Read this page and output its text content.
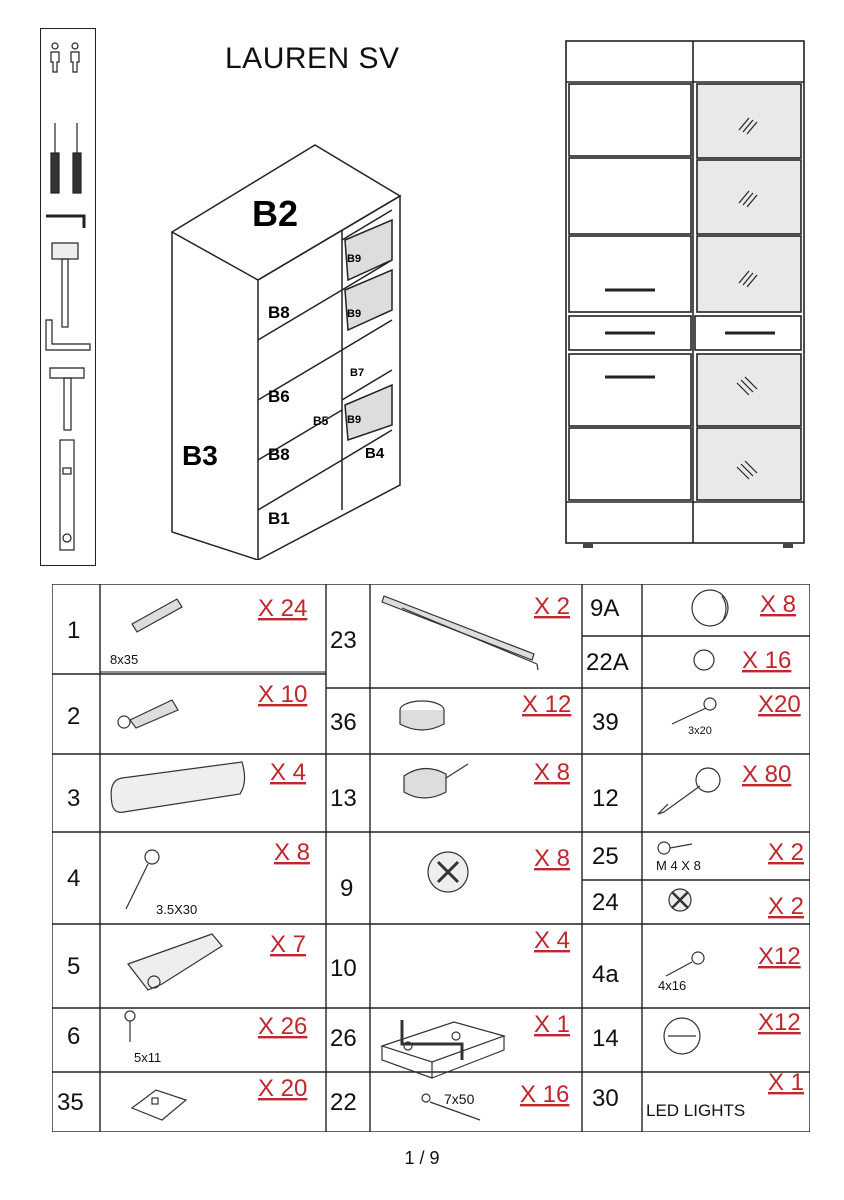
LAUREN SV
B2
B3
B8
B6
B5
B8
B1
B9
B9
B7
B9
B4
1
2
3
4
5
6
35
23
36
13
9
10
26
22
9A
22A
39
12
25
24
4a
14
30
X 24
X 10
X 4
X 8
X 7
X 26
X 20
X 2
X 12
X 8
X 8
X 4
X 1
X 16
X 8
X 16
X20
X 80
X 2
X 2
X12
X12
X 1
8x35
3.5X30
5x11
7x50
3x20
M 4 X 8
4x16
LED LIGHTS
1 / 9
